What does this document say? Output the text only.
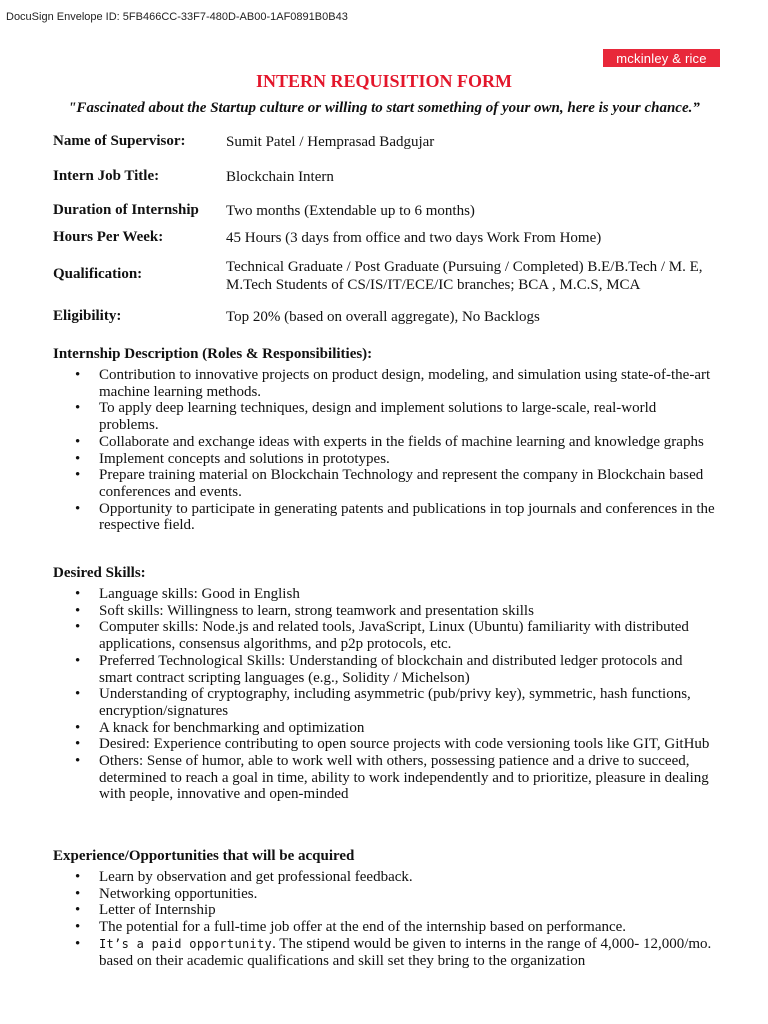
DocuSign Envelope ID: 5FB466CC-33F7-480D-AB00-1AF0891B0B43
mckinley & rice
INTERN REQUISITION FORM
"Fascinated about the Startup culture or willing to start something of your own, here is your chance.”
Name of Supervisor:	Sumit Patel / Hemprasad Badgujar
Intern Job Title:	Blockchain Intern
Duration of Internship	Two months (Extendable up to 6 months)
Hours Per Week:	45 Hours (3 days from office and two days Work From Home)
Qualification:	Technical Graduate / Post Graduate (Pursuing / Completed) B.E/B.Tech / M. E, M.Tech Students of CS/IS/IT/ECE/IC branches; BCA , M.C.S, MCA
Eligibility:	Top 20% (based on overall aggregate), No Backlogs
Internship Description (Roles & Responsibilities):
• Contribution to innovative projects on product design, modeling, and simulation using state-of-the-art machine learning methods.
• To apply deep learning techniques, design and implement solutions to large-scale, real-world problems.
• Collaborate and exchange ideas with experts in the fields of machine learning and knowledge graphs
• Implement concepts and solutions in prototypes.
• Prepare training material on Blockchain Technology and represent the company in Blockchain based conferences and events.
• Opportunity to participate in generating patents and publications in top journals and conferences in the respective field.
Desired Skills:
• Language skills: Good in English
• Soft skills: Willingness to learn, strong teamwork and presentation skills
• Computer skills: Node.js and related tools, JavaScript, Linux (Ubuntu) familiarity with distributed applications, consensus algorithms, and p2p protocols, etc.
• Preferred Technological Skills: Understanding of blockchain and distributed ledger protocols and smart contract scripting languages (e.g., Solidity / Michelson)
• Understanding of cryptography, including asymmetric (pub/privy key), symmetric, hash functions, encryption/signatures
• A knack for benchmarking and optimization
• Desired: Experience contributing to open source projects with code versioning tools like GIT, GitHub
• Others: Sense of humor, able to work well with others, possessing patience and a drive to succeed, determined to reach a goal in time, ability to work independently and to prioritize, pleasure in dealing with people, innovative and open-minded
Experience/Opportunities that will be acquired
• Learn by observation and get professional feedback.
• Networking opportunities.
• Letter of Internship
• The potential for a full-time job offer at the end of the internship based on performance.
• It’s a paid opportunity. The stipend would be given to interns in the range of 4,000- 12,000/mo. based on their academic qualifications and skill set they bring to the organization
